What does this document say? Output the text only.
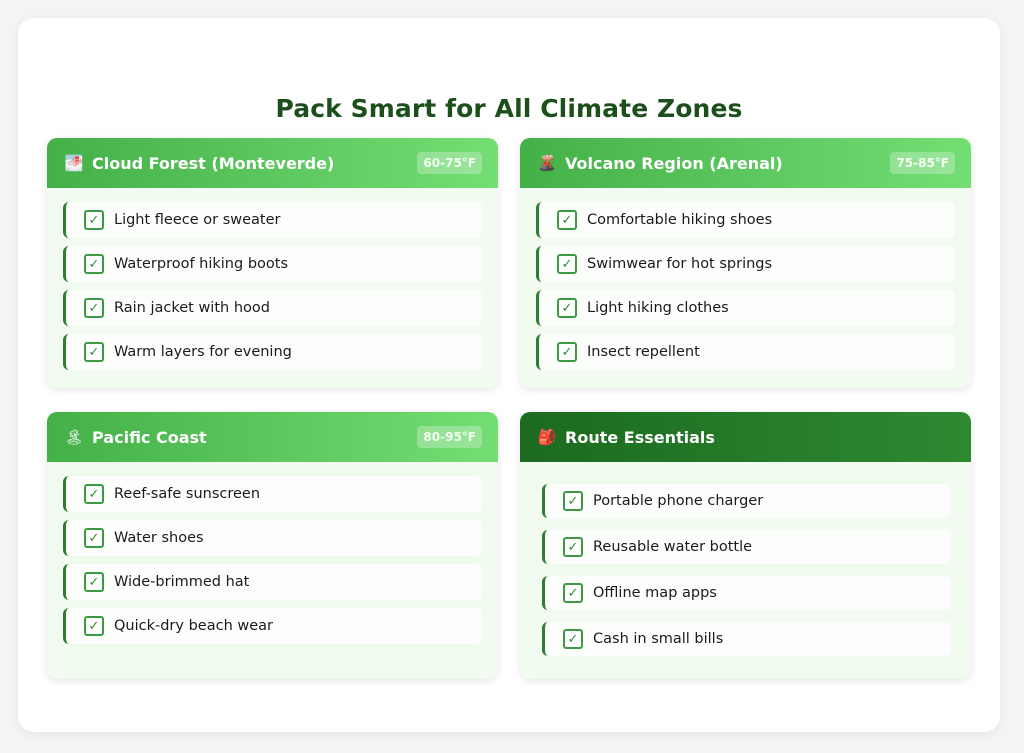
Pack Smart for All Climate Zones
🌁 Cloud Forest (Monteverde)	60-75°F
✓	Light fleece or sweater
✓	Waterproof hiking boots
✓	Rain jacket with hood
✓	Warm layers for evening
🌋 Volcano Region (Arenal)	75-85°F
✓	Comfortable hiking shoes
✓	Swimwear for hot springs
✓	Light hiking clothes
✓	Insect repellent
🏝 Pacific Coast	80-95°F
✓	Reef-safe sunscreen
✓	Water shoes
✓	Wide-brimmed hat
✓	Quick-dry beach wear
🎒 Route Essentials
✓	Portable phone charger
✓	Reusable water bottle
✓	Offline map apps
✓	Cash in small bills
